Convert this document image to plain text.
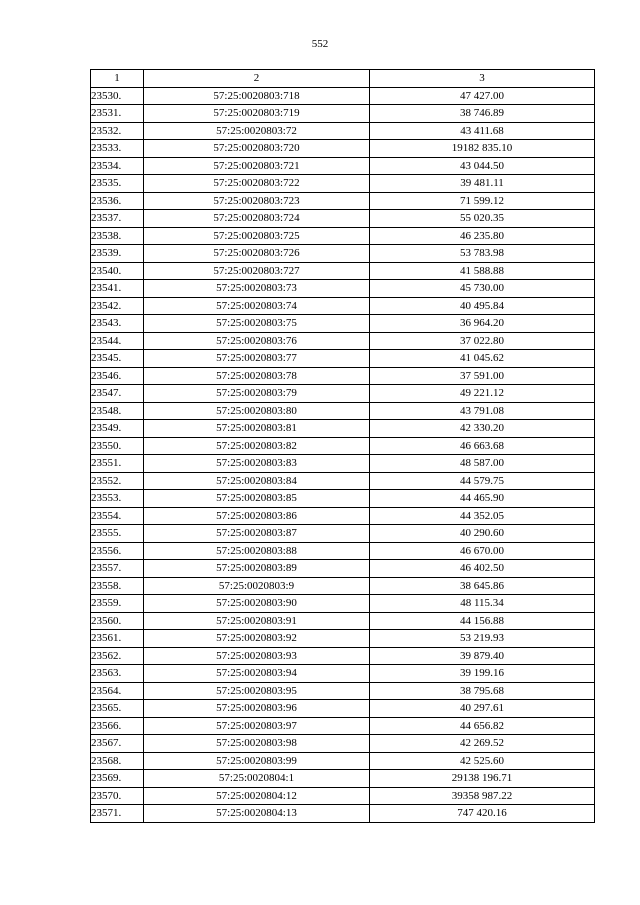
552
1	2	3
23530.	57:25:0020803:718	47 427.00
23531.	57:25:0020803:719	38 746.89
23532.	57:25:0020803:72	43 411.68
23533.	57:25:0020803:720	19182 835.10
23534.	57:25:0020803:721	43 044.50
23535.	57:25:0020803:722	39 481.11
23536.	57:25:0020803:723	71 599.12
23537.	57:25:0020803:724	55 020.35
23538.	57:25:0020803:725	46 235.80
23539.	57:25:0020803:726	53 783.98
23540.	57:25:0020803:727	41 588.88
23541.	57:25:0020803:73	45 730.00
23542.	57:25:0020803:74	40 495.84
23543.	57:25:0020803:75	36 964.20
23544.	57:25:0020803:76	37 022.80
23545.	57:25:0020803:77	41 045.62
23546.	57:25:0020803:78	37 591.00
23547.	57:25:0020803:79	49 221.12
23548.	57:25:0020803:80	43 791.08
23549.	57:25:0020803:81	42 330.20
23550.	57:25:0020803:82	46 663.68
23551.	57:25:0020803:83	48 587.00
23552.	57:25:0020803:84	44 579.75
23553.	57:25:0020803:85	44 465.90
23554.	57:25:0020803:86	44 352.05
23555.	57:25:0020803:87	40 290.60
23556.	57:25:0020803:88	46 670.00
23557.	57:25:0020803:89	46 402.50
23558.	57:25:0020803:9	38 645.86
23559.	57:25:0020803:90	48 115.34
23560.	57:25:0020803:91	44 156.88
23561.	57:25:0020803:92	53 219.93
23562.	57:25:0020803:93	39 879.40
23563.	57:25:0020803:94	39 199.16
23564.	57:25:0020803:95	38 795.68
23565.	57:25:0020803:96	40 297.61
23566.	57:25:0020803:97	44 656.82
23567.	57:25:0020803:98	42 269.52
23568.	57:25:0020803:99	42 525.60
23569.	57:25:0020804:1	29138 196.71
23570.	57:25:0020804:12	39358 987.22
23571.	57:25:0020804:13	747 420.16
